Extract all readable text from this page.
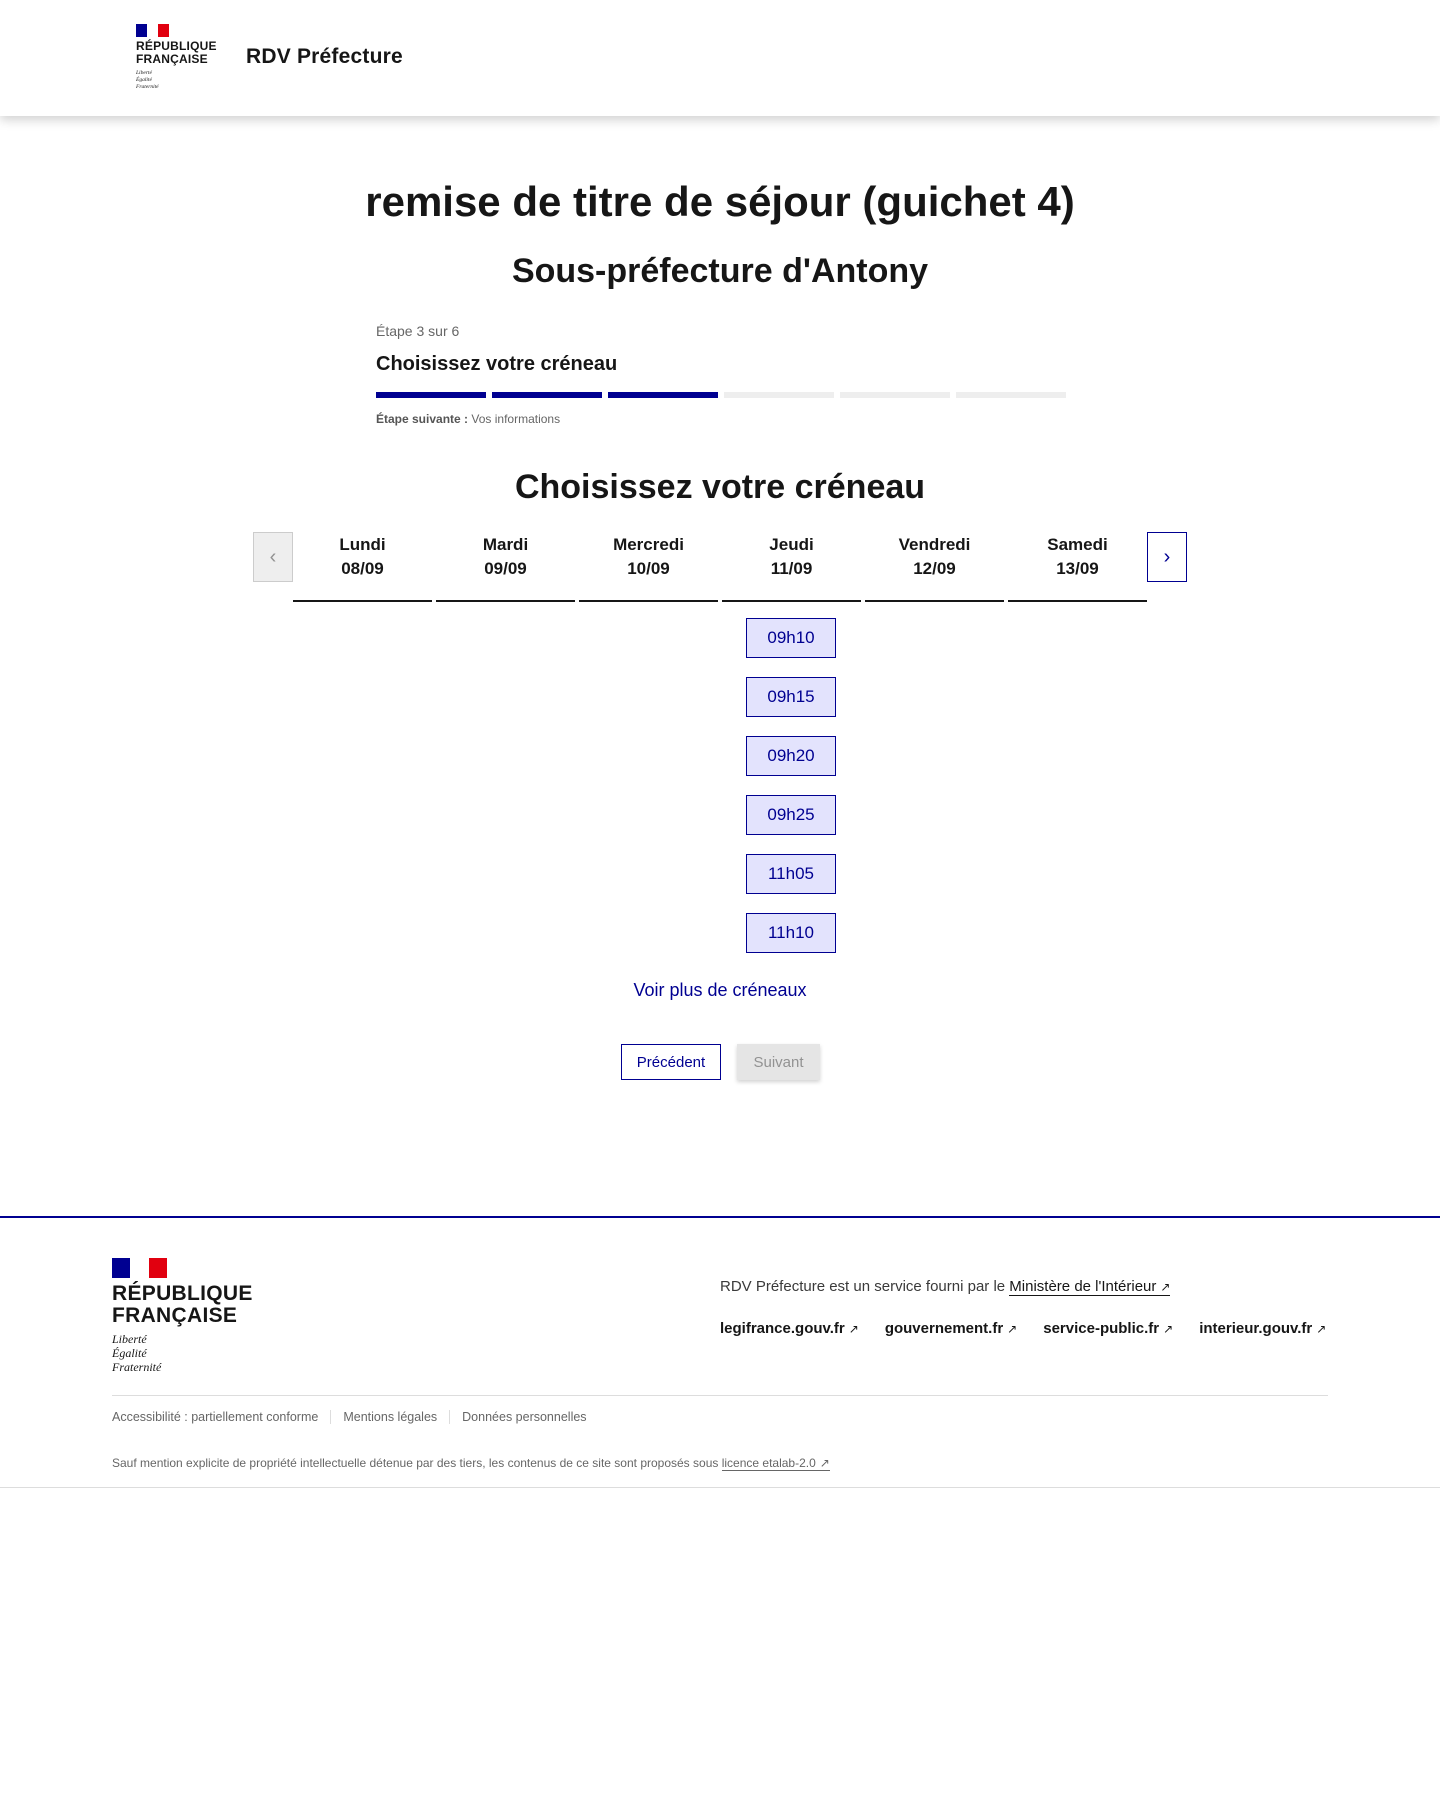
RÉPUBLIQUE
FRANÇAISE
Liberté
Égalité
Fraternité
RDV Préfecture
remise de titre de séjour (guichet 4)
Sous-préfecture d'Antony
Étape 3 sur 6
Choisissez votre créneau
Étape suivante : Vos informations
Choisissez votre créneau
‹
Lundi
08/09
Mardi
09/09
Mercredi
10/09
Jeudi
11/09
Vendredi
12/09
Samedi
13/09
›
09h10
09h15
09h20
09h25
11h05
11h10
Voir plus de créneaux
Précédent	Suivant
RÉPUBLIQUE
FRANÇAISE
Liberté
Égalité
Fraternité
RDV Préfecture est un service fourni par le Ministère de l'Intérieur ↗
legifrance.gouv.fr ↗ gouvernement.fr ↗ service-public.fr ↗ interieur.gouv.fr ↗
Accessibilité : partiellement conforme	Mentions légales	Données personnelles
Sauf mention explicite de propriété intellectuelle détenue par des tiers, les contenus de ce site sont proposés sous licence etalab-2.0 ↗
